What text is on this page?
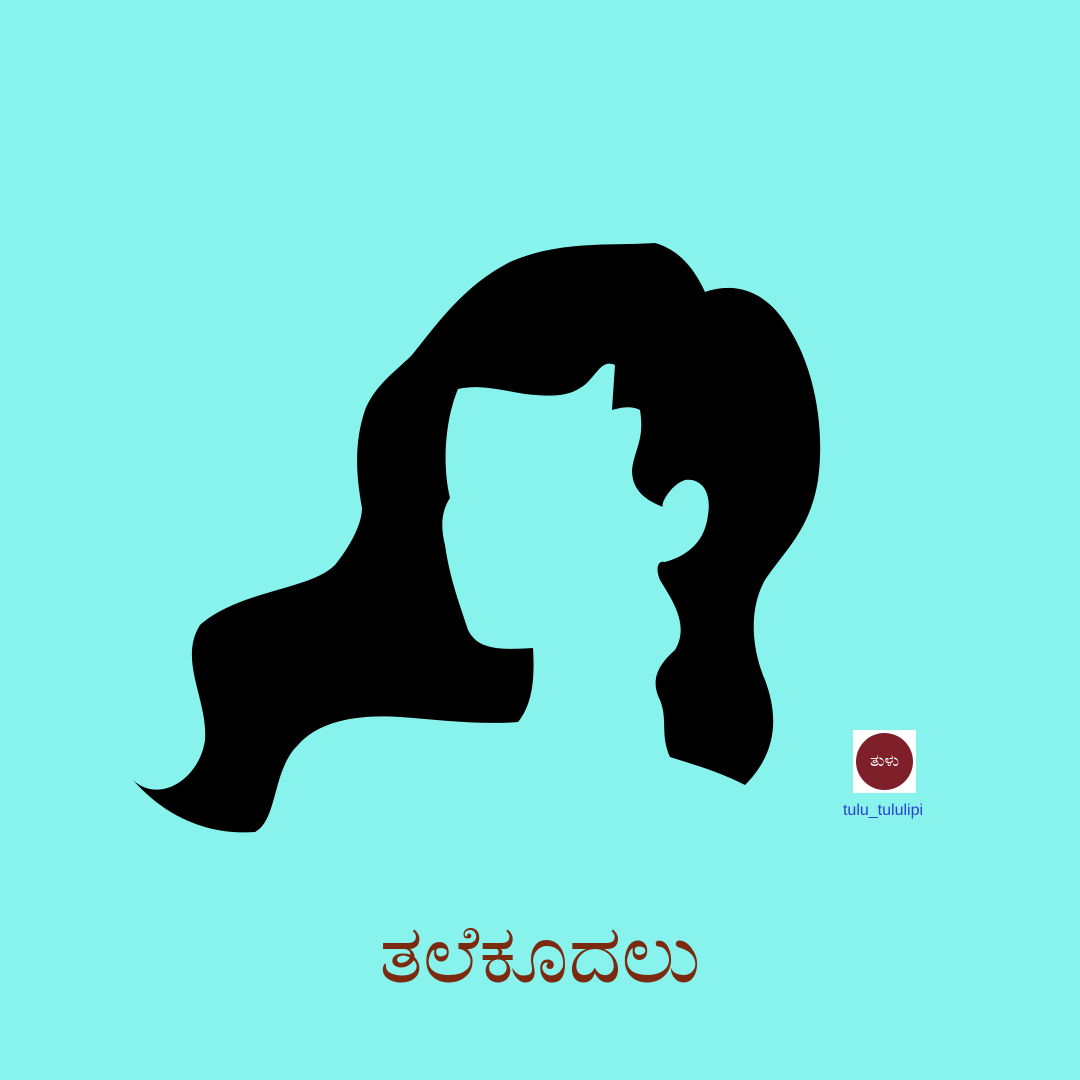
ತುಳು
tulu_tululipi
ತಲೆಕೂದಲು
